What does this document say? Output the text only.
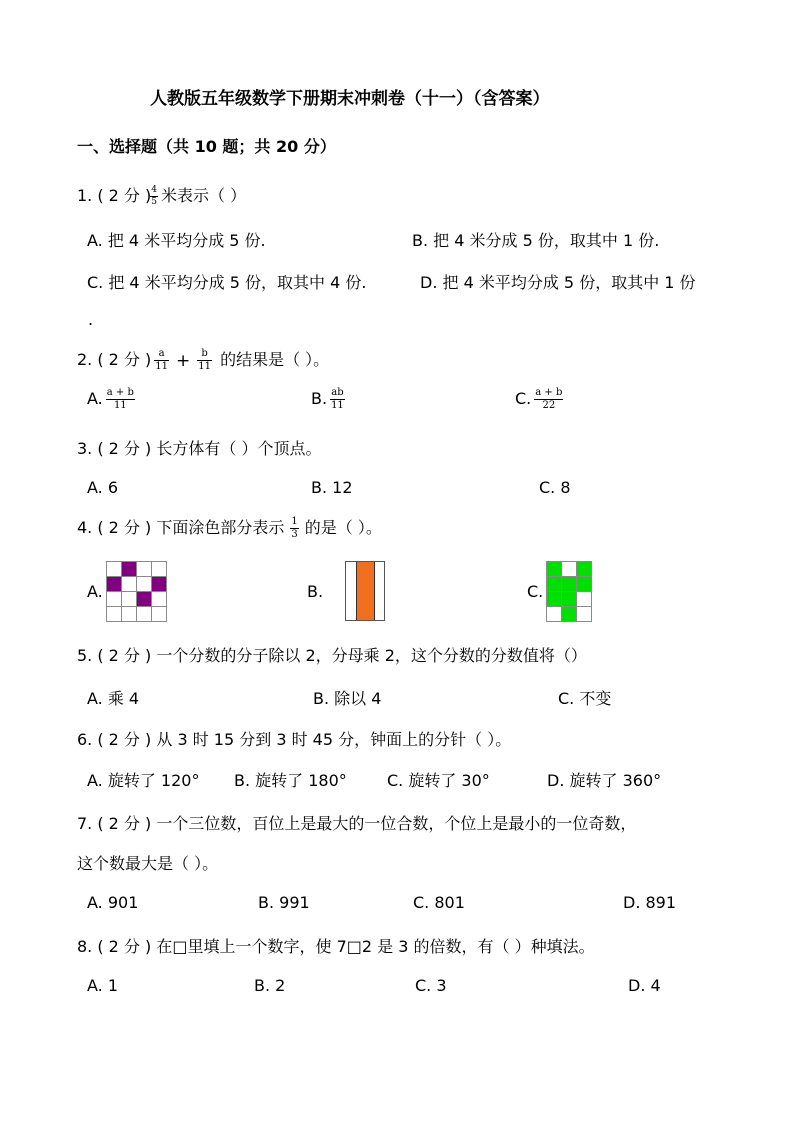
人教版五年级数学下册期末冲刺卷（十一）（含答案）
一、选择题（共 10 题；共 20 分）
1. ( 2 分 ) $\frac{4}{5}$ 米表示（ ）
A. 把 4 米平均分成 5 份.	B. 把 4 米分成 5 份，取其中 1 份.
C. 把 4 米平均分成 5 份，取其中 4 份.	D. 把 4 米平均分成 5 份，取其中 1 份
.
2. ( 2 分 ) $\frac{a}{11} + \frac{b}{11}$ 的结果是（ ）。
A. $\frac{a + b}{11}$	B. $\frac{ab}{11}$	C. $\frac{a + b}{22}$
3. ( 2 分 ) 长方体有（ ）个顶点。
A. 6	B. 12	C. 8
4. ( 2 分 ) 下面涂色部分表示 $\frac{1}{3}$ 的是（ ）。
A.

				B.	C.

5. ( 2 分 ) 一个分数的分子除以 2，分母乘 2，这个分数的分数值将（）
A. 乘 4	B. 除以 4	C. 不变
6. ( 2 分 ) 从 3 时 15 分到 3 时 45 分，钟面上的分针（ ）。
A. 旋转了 120° B. 旋转了 180°	C. 旋转了 30°	D. 旋转了 360°
7. ( 2 分 ) 一个三位数，百位上是最大的一位合数，个位上是最小的一位奇数，
这个数最大是（ ）。
A. 901	B. 991	C. 801	D. 891
8. ( 2 分 ) 在□里填上一个数字，使 7□2 是 3 的倍数，有（ ）种填法。
A. 1	B. 2	C. 3	D. 4
